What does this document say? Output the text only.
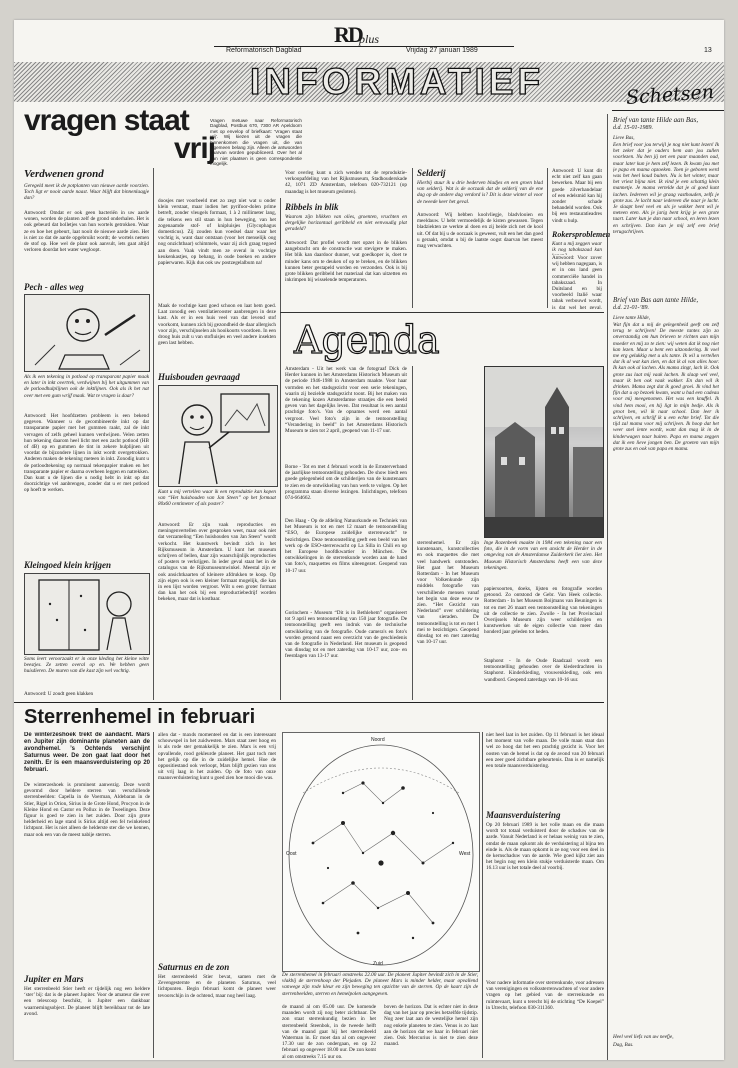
RD
plus
Reformatorisch Dagblad	Vrijdag 27 januari 1989	13
INFORMATIEF	Schetsen
vragen staat
vrij
Vragen metuwe naar Reformatorisch Dagblad, Postbus 670, 7300 AR Apeldoorn met op envelop of briefkaart: ‘Vragen staat vrij’. Wij kiezen uit de vragen die binnenkomen die vragen uit, die van algemeen belang zijn. Alleen de antwoorden daarvan worden gepubliceerd. Over het al dan niet plaatsen is geen correspondentie mogelijk.
Verdwenen grond
Geregeld meet ik de potplanten van nieuwe aarde voorzien. Toch ligt er nooit aarde naast. Waar blijft dat binnenlaagje dan?
Antwoord: Omdat er ook geen bacteriën in uw aarde wonen, worden de planten zelf de grond onderhalen. Het is ook gebeurd dat bolletjes van hun wortels getrokken. Waar ze en hoe het gebeurt, laat nooit de nieuwe aarde zien. Het is niet zo dat de aarde opgebruikt wordt; de wortels nemen de stof op. Hoe wel de plant ook aanvult, iets gaat altijd verloren doordat het water wegloopt.
Pech - alles weg
Als ik een tekening in potlood op transparant papier maak en later in inkt overtrek, verdwijnen bij het uitgummen van de potloodhulplijnen ook de inktlijnen. Ook als ik het nat over met een gum wrijf maak. Wat te vragen is daar?
Antwoord: Het hoofdzetten probleem is een bekend gegeven. Wanneer u de gecombineerde inkt op dat transparante papier met het gummen raakt, zal de inkt vervagen of zelfs geheel kunnen verdwijnen. Velen zetten hun tekening daarom heel licht met een zacht potlood (HB of 4B) op en gummen de tint in zekere hulplijnen uit voordat de bijzondere lijnen in inkt wordt overgetrokken. Anderen maken de tekening meteen in inkt. Zonodig kunt u de potloodtekening op normaal tekenpapier maken en het transparante papier er daarna overheen leggen en natrekken. Dan kunt u de lijnen die u nodig hebt in inkt op dat doorzichtige vel aanbrengen, zonder dat u er met potlood op hoeft te werken.
Kleingoed klein krijgen
Soms leert veroorzaakt er in onze kleding het kleine witte beestjes. Ze zetten overal op en. We hebben geen huisdieren. De muren van die kast zijn wel vochtig.
Antwoord: U zoudt geen klakken
doosjes met voorbeeld met zo zegt niet wat u onder klein verstaat, maar indien het pyrifoor-dolen prime betreft, zonder vleugels formaat, 1 à 2 millimeter lang, die telkens een stil staan in hun beweging, van het zogenaamde stof- of knipluisjes (Glycophagus domesticus). Zij zouden kun voedsel daar waar het vochtig is, want daar ontstaan (voor het menselijk oog nog onzichtbaar) schimmels, waar zij zich graag tegoed aan doen. Vaak vindt men ze overal in vochtige keukenkastjes, op behang, in oude boeken en andere papierwaren. Kijk dus ook uw postzegelalbum na!
Maak de vochtige kast goed schoon en laat hem goed. Laat zonodig een ventilatierooster aanbrengen in deze kast. Als er in een huis veel van dat levend stof voorkomt, kunnen zich bij gezondheid de daar allergisch voor zijn, verschijnselen als hooikoorts voordoen. In een droog huis zult u van stofluisjes en veel andere insekten geen last hebben.
Huisbouden gevraagd
Kunt u mij vertellen waar ik een reproduktie kan kopen van “Het huisbouden van Jan Steen” op het formaat 80x60 centimeter of als poster?
Antwoord: Er zijn vaak reproducties en meningenvertellen over gesproken weet, maar ook niet dat verzameling “Een huishouden van Jan Steen” wordt verkocht. Het kunstwerk bevindt zich in het Rijksmuseum in Amsterdam. U kunt het museum schrijven of bellen, daar zijn waarschijnlijk reproducties of posters te verkrijgen. In ieder geval staat het in de catalogus van de Rijksmuseumwinkel. Meestal zijn er ook ansichtkaarten of kleinere afdrukken te koop. Op zijn eigen ook is een kleiner formaat mogelijk, die kan in een lijst worden vergroot. Wilt u een groter formaat dan kan het ook bij een reproductiebedrijf worden bekeken, maar dat is kostbaar.
Voor overleg kunt u zich wenden tot de reproduktie-verkoopafdeling van het Rijksmuseum, Stadhouderskade 42, 1071 ZD Amsterdam, telefoon 020-732121 (op maandag is het museum gesloten).
Ribbels in blik
Waarom zijn blikken van olies, groenten, vruchten en dergelijke horizontaal geribbeld en niet eenvoudig plat geradeld?
Antwoord: Dat profiel wordt met opzet in de blikken aangebracht om de constructie wat stevigere te maken. Het blik kan daardoor dunner, wat goedkoper is, doet te minder kans om te deuken of op te breken, en de blikken kunnen beter gestapeld worden en verzonden. Ook is bij grote blikken geribbeld het materiaal dat kan uitzetten en inkrimpen bij wisselende temperaturen.
Selderij
Hierbij stuur ik u drie bederven bladjes en een groen blad van selderij. Wat is de oorzaak dat de selderij van de ene dag op de andere dag verdord is? Dit is deze winter al voor de tweede keer het geval.
Antwoord: Wij hebben koolvliegje, bladvlooien en meeldauw. U hebt vermoedelijk de kisten gewassen. Tegen bladziekten ze werkte al doen en zij beide zich net de kool uit. Of dat bij u de oorzaak is geweest, vult een het dan goed u geraakt, omdat u bij de laatste oogst daarvan het meest mag verwachten.
Antwoord: U kunt dit echt niet zelf kan gaan bewerken. Maar bij een goede zilverhandelaar of een edelsmid kan hij zonder schade behandeld worden. Ook bij een restauratieadres vindt u hulp.
Rokersproblemen
Kunt u mij zeggen waar ik nog tabakszaad kan
Antwoord: Voor zover wij hebben nagegaan, is er in ons land geen commerciële handel in tabakszaad. In Duitsland en bij voorbeeld Italië waar tabak verbouwd wordt, is dat wel het geval.
Agenda
Amsterdam - Uit het werk van de fotograaf Dick de Herder kunnen in het Amsterdams Historisch Museum uit de periode 1946-1988 in Amsterdam maakte. Voor haar vormden en het stadsgezicht voor een serie tekeningen, waarin zij bezielde stadsgezicht toont. Bij het maken van de tekening kozen Amsterdamse straatjes die een beeld geven van het dagelijks leven. Dat resultaat is een aantal prachtige foto's. Van de opnames werd een aantal vergroot. Veel foto's zijn in de tentoonstelling “Verandering in beeld” in het Amsterdams Historisch Museum te zien tot 2 april, geopend van 11-17 uur.
Borne - Tot en met 4 februari wordt in de Ernsterverband de jaarlijkse tentoonstelling gehouden. De show biedt een goede gelegenheid om de schilderijen van de kunstenaars te zien en de ontwikkeling van hun werk te volgen. Op het programma staan diverse lezingen. Inlichtingen, telefoon 074-664662.
Den Haag - Op de afdeling Natuurkunde en Techniek van het Museum is tot en met 12 maart de tentoonstelling “ESO, de Europese zuidelijke sterrenwacht” te bezichtigen. Deze tentoonstelling geeft een beeld van het werk op de ESO-sterrenwacht op La Silla in Chili en op het Europese hoofdkwartier in München. De ontwikkelingen in de sterrenkunde worden aan de hand van foto's, maquettes en films uiteengezet. Geopend van 10-17 uur.
Gorinchem - Museum “Dit is in Bethlehem” organiseert tot 9 april een tentoonstelling van 150 jaar fotografie. De tentoonstelling geeft een indruk van de technische ontwikkeling van de fotografie. Oude camera's en foto's worden getoond naast een overzicht van de geschiedenis van de fotografie in Nederland. Het museum is geopend van dinsdag tot en met zaterdag van 10-17 uur, zon- en feestdagen van 13-17 uur.
Inge Rozenbeek maakte in 1984 een tekening naar een foto, die in de vorm van een ansicht de Herder in de omgeving van de Amsterdamse Zuiderkerk liet zien. Het Museum Historisch Amsterdams heeft een van deze tekeningen.
sterrenhemel. Er zijn kunstenaars, kunstcollecties en ook maquettes die met veel handwerk ontstonden. Het gaat het Museum Rotterdam - In het Museum voor Volkenkunde zijn middels fotografie van verschillende mensen vanaf het begin van deze eeuw te zien. “Het Gezicht van Nederland” over schildering van sieraden. De tentoonstelling is tot en met 1 mei te bezichtigen. Geopend dinsdag tot en met zaterdag van 10-17 uur.
papiersoorten, doeks, lijsten en fotografie worden getoond. Zo ontstond de Gebr. Van Heek collectie. Rotterdam - In het Museum Boijmans van Beuningen is tot en met 26 maart een tentoonstelling van tekeningen uit de collectie te zien. Zwolle - In het Provinciaal Overijssels Museum zijn weer schilderijen en kunstwerken uit de eigen collectie van meer dan honderd jaar geleden tot heden.
Staphorst - In de Oude Raadzaal wordt een tentoonstelling gehouden over de klederdrachten in Staphorst. Kinderkleding, vrouwenkleding, ook een wandbord. Geopend zaterdags van 10-16 uur.
Brief van tante Hilde aan Bas,
d.d. 15-01-1989.
Lieve Bas,
Een brief voor jou terwijl je nog niet kunt lezen! Ik het zeker dat je ouders hem aan jou zullen voorlezen. Nu ben jij net een paar maanden oud, maar later kun je hem zelf lezen. Ik kwam jou met je papa en mama opzoeken. Toen je geboren werd was het heel koud buiten. Nu is het winter, maar het vriest bijna niet. Ik vind je een schattig klein mannetje. Je mama vertelde dat je al goed kunt lachen. Iedereen wil je graag vasthouden, zelfs je grote zus. Je lacht naar iedereen die naar je lacht. Je slaapt heel veel en als je wakker bent wil je meteen eten. Als je jarig bent krijg je een grote taart. Later kun je dan naar school, en leren lezen en schrijven. Dan kun je mij zelf een brief terugschrijven.
Brief van Bas aan tante Hilde,
d.d. 21-01-’89.
Lieve tante Hilde,
Wat fijn dat u mij de gelegenheid geeft om zelf terug te schrijven! De meeste tantes zijn zo onverstandig om hun brieven te richten aan mijn moeder en mij zo te zien: wij weten dat ik nog niet kan lezen. Maar u bent een uitzondering. Ik voel me erg gelukkig met u als tante. Ik wil u vertellen dat ik al wat kan zien, en dat ik al van alles hoor. Ik kan ook al lachen. Als mama zingt, lach ik. Ook grote zus laat mij vaak lachen. Ik slaap wel veel, maar ik ben ook vaak wakker. En dan wil ik drinken. Mama zegt dat ik goed groei. Ik vind het fijn dat u op bezoek kwam, want u had een cadeau voor mij meegenomen. Het was een knuffel. Ik vind hem mooi, en hij ligt in mijn bedje. Als ik groot ben, wil ik naar school. Dan leer ik schrijven, en schrijf ik u een echte brief. Tot die tijd zal mama voor mij schrijven. Ik hoop dat het weer snel lente wordt, want dan mag ik in de kinderwagen naar buiten. Papa en mama zeggen dat ik een lieve jongen ben. De groeten van mijn grote zus en ook van papa en mama.
Heel veel liefs van uw neefje,
Dag, Bas.
Sterrenhemel in februari
De winterzeshoek trekt de aandacht. Mars en Jupiter zijn dominante planeten aan de avondhemel. ’s Ochtends verschijnt Saturnus weer. De zon gaat laat door het zenith. Er is een maansverduistering op 20 februari.
De winterzeshoek is prominent aanwezig. Deze wordt gevormd door heldere sterren van verschillende sterrenbeelden: Capella in de Voerman, Aldebaran in de Stier, Rigel in Orion, Sirius in de Grote Hond, Procyon in de Kleine Hond en Castor en Pollux in de Tweelingen. Deze figuur is goed te zien in het zuiden. Door zijn grote helderheid en lage stand is Sirius altijd een fel twinkelend lichtpunt. Het is niet alleen de helderste ster die we kennen, maar ook een van de meest nabije sterren.
Jupiter en Mars
Het sterrenbeeld Stier heeft er tijdelijk nog een heldere ‘ster’ bij: dat is de planeet Jupiter. Voor de amateur die over een telescoop beschikt, is Jupiter een dankbaar waarnemingsobject. De planeet blijft bereikbaar tot de late avond.
allen dat - maxds momenteel en dat is een interessant schouwspel in het zuidwesten. Mars staat zeer hoog en is als rode ster gemakkelijk te zien. Mars is een vrij opvallende, rood gekleurde planeet. Het gaat toch met het gelijk op die in de zuidelijke hemel. Hoe de oppositiestand ook verloopt, Mars blijft gezien van ons uit vrij laag in het zuiden. Op de foto van onze maansverduistering kunt u goed zien hoe mooi die was.
Saturnus en de zon
Het sterrenbeeld Stier bevat, samen met de Zevengesternte en de planeten Saturnus, veel lichtpunten. Begin februari komt de planeet weer tevoorschijn in de ochtend, maar nog heel laag.
Noord
Oost	West
Zuid
De sterrenhemel in februari omstreeks 22.00 uur. De planeet Jupiter bevindt zich in de Stier, vlakbij de sterrenhoop der Plejaden. De planeet Mars is minder helder, maar opvallend vanwege zijn rode kleur en zijn beweging ten opzichte van de sterren. Op de kaart zijn de sterrenbeelden, sterren en hemelpolen aangegeven.
de maand al om 05.00 uur. De komende maanden wordt zij nog beter zichtbaar. De zon staat sterrenkundig bezien in het sterrenbeeld Steenbok, in de tweede helft van de maand gaat hij het sterrenbeeld Waterman in. Er moet dan al om ongeveer 17.30 uur de zon ondergaan, en op 22 februari op ongeveer 18.00 uur. De zon komt al om omstreeks 7.15 uur op.
boven de horizon. Dat is echter niet in deze dag van het jaar op precies hetzelfde tijdstip. Nog zeer laat aan de westelijke hemel zijn nog enkele planeten te zien. Venus is zo laat aan de horizon dat we haar in februari niet zien. Ook Mercurius is niet te zien deze maand.
niet heel laat in het zuiden. Op 11 februari is het ideaal het moment van volle maan. De volle maan staat dan wel zo hoog dat het een prachtig gezicht is. Voor het oosten van de hemel is dat op de avond van 20 februari een zeer goed zichtbare gebeurtenis. Dan is er namelijk een totale maansverduistering.
Maansverduistering
Op 20 februari 1989 is het volle maan en die maan wordt tot totaal verduisterd door de schaduw van de aarde. Vanuit Nederland is er helaas weinig van te zien, omdat de maan opkomt als de verduistering al bijna ten einde is. Als de maan opkomt is ze nog voor een deel in de kernschaduw van de aarde. Wie goed kijkt ziet aan het begin nog een klein stukje verduisterde maan. Om 16.13 uur is het totale deel al voorbij.
Voor nadere informatie over sterrenkunde, voor adressen van verenigingen en volkssterrenwachten of voor andere vragen op het gebied van de sterrenkunde en ruimtevaart, kunt u terecht bij de stichting “De Koepel” in Utrecht, telefoon 030-311360.
